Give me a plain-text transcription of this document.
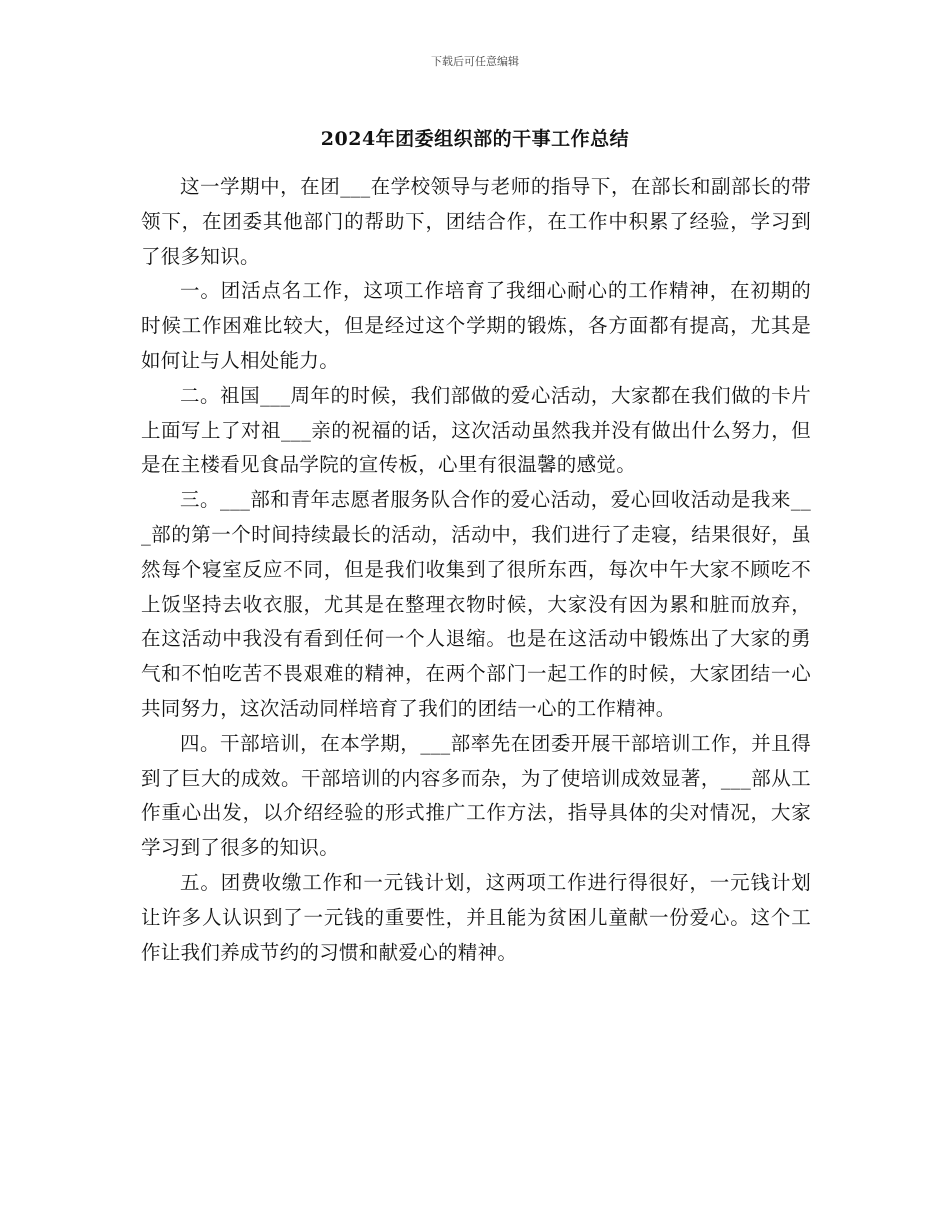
下载后可任意编辑
2024年团委组织部的干事工作总结

这一学期中，在团___在学校领导与老师的指导下，在部长和副部长的带领下，在团委其他部门的帮助下，团结合作，在工作中积累了经验，学习到了很多知识。

一。团活点名工作，这项工作培育了我细心耐心的工作精神，在初期的时候工作困难比较大，但是经过这个学期的锻炼，各方面都有提高，尤其是如何让与人相处能力。

二。祖国___周年的时候，我们部做的爱心活动，大家都在我们做的卡片上面写上了对祖___亲的祝福的话，这次活动虽然我并没有做出什么努力，但是在主楼看见食品学院的宣传板，心里有很温馨的感觉。

三。___部和青年志愿者服务队合作的爱心活动，爱心回收活动是我来___部的第一个时间持续最长的活动，活动中，我们进行了走寝，结果很好，虽然每个寝室反应不同，但是我们收集到了很所东西，每次中午大家不顾吃不上饭坚持去收衣服，尤其是在整理衣物时候，大家没有因为累和脏而放弃，在这活动中我没有看到任何一个人退缩。也是在这活动中锻炼出了大家的勇气和不怕吃苦不畏艰难的精神，在两个部门一起工作的时候，大家团结一心共同努力，这次活动同样培育了我们的团结一心的工作精神。

四。干部培训，在本学期，___部率先在团委开展干部培训工作，并且得到了巨大的成效。干部培训的内容多而杂，为了使培训成效显著，___部从工作重心出发，以介绍经验的形式推广工作方法，指导具体的尖对情况，大家学习到了很多的知识。

五。团费收缴工作和一元钱计划，这两项工作进行得很好，一元钱计划让许多人认识到了一元钱的重要性，并且能为贫困儿童献一份爱心。这个工作让我们养成节约的习惯和献爱心的精神。
